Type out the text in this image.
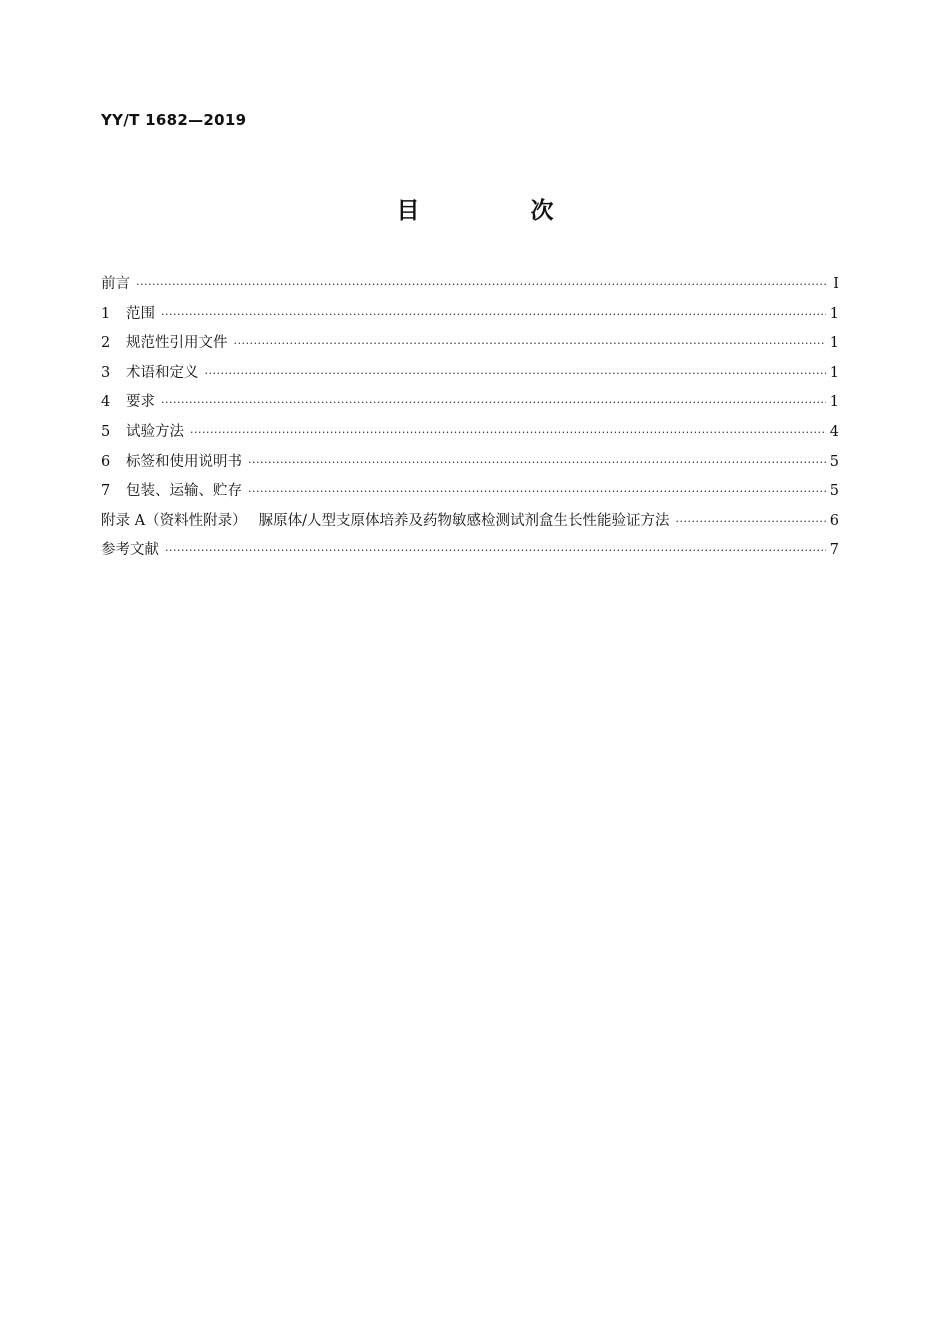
YY/T 1682—2019
目　次
前言 ·····	Ⅰ
1	范围 ·····	1
2	规范性引用文件 ·····	1
3	术语和定义 ·····	1
4	要求 ·····	1
5	试验方法 ·····	4
6	标签和使用说明书 ·····	5
7	包装、运输、贮存 ·····	5
附录 A（资料性附录） 脲原体/人型支原体培养及药物敏感检测试剂盒生长性能验证方法 ·····	6
参考文献 ·····	7
